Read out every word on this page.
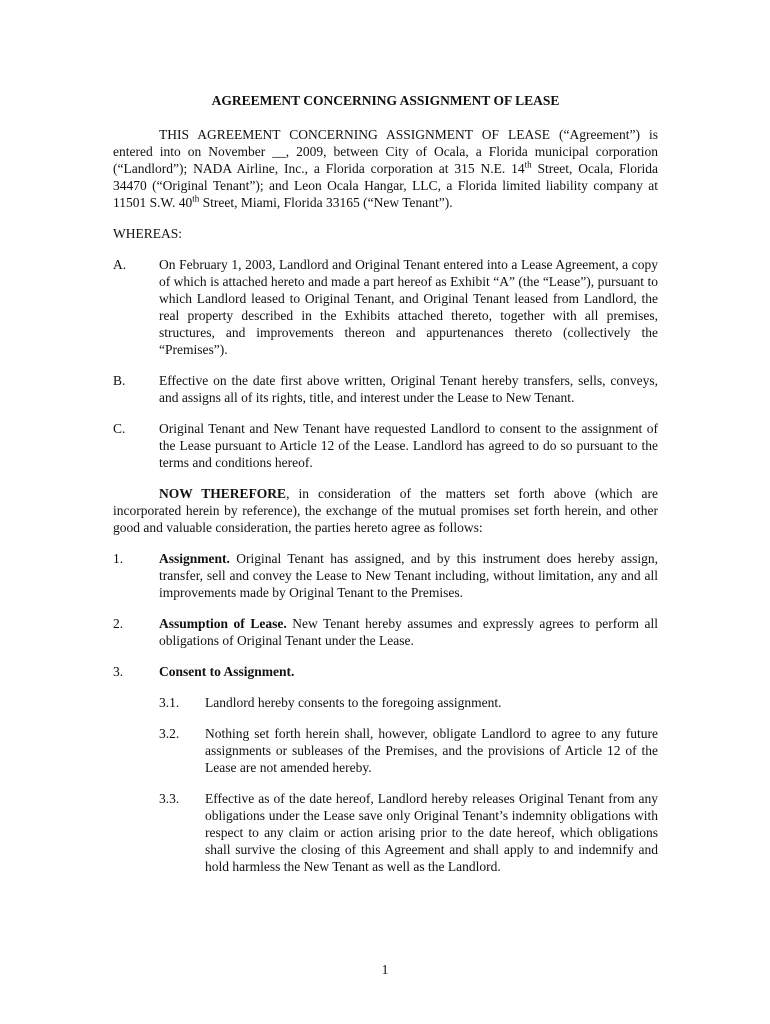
AGREEMENT CONCERNING ASSIGNMENT OF LEASE

THIS AGREEMENT CONCERNING ASSIGNMENT OF LEASE (“Agreement”) is entered into on November __, 2009, between City of Ocala, a Florida municipal corporation (“Landlord”); NADA Airline, Inc., a Florida corporation at 315 N.E. 14th Street, Ocala, Florida 34470 (“Original Tenant”); and Leon Ocala Hangar, LLC, a Florida limited liability company at 11501 S.W. 40th Street, Miami, Florida 33165 (“New Tenant”).

WHEREAS:

A.	On February 1, 2003, Landlord and Original Tenant entered into a Lease Agreement, a copy of which is attached hereto and made a part hereof as Exhibit “A” (the “Lease”), pursuant to which Landlord leased to Original Tenant, and Original Tenant leased from Landlord, the real property described in the Exhibits attached thereto, together with all premises, structures, and improvements thereon and appurtenances thereto (collectively the “Premises”).
B.	Effective on the date first above written, Original Tenant hereby transfers, sells, conveys, and assigns all of its rights, title, and interest under the Lease to New Tenant.
C.	Original Tenant and New Tenant have requested Landlord to consent to the assignment of the Lease pursuant to Article 12 of the Lease. Landlord has agreed to do so pursuant to the terms and conditions hereof.

NOW THEREFORE, in consideration of the matters set forth above (which are incorporated herein by reference), the exchange of the mutual promises set forth herein, and other good and valuable consideration, the parties hereto agree as follows:

1.	Assignment. Original Tenant has assigned, and by this instrument does hereby assign, transfer, sell and convey the Lease to New Tenant including, without limitation, any and all improvements made by Original Tenant to the Premises.
2.	Assumption of Lease. New Tenant hereby assumes and expressly agrees to perform all obligations of Original Tenant under the Lease.
3.	Consent to Assignment.
3.1.	Landlord hereby consents to the foregoing assignment.
3.2.	Nothing set forth herein shall, however, obligate Landlord to agree to any future assignments or subleases of the Premises, and the provisions of Article 12 of the Lease are not amended hereby.
3.3.	Effective as of the date hereof, Landlord hereby releases Original Tenant from any obligations under the Lease save only Original Tenant’s indemnity obligations with respect to any claim or action arising prior to the date hereof, which obligations shall survive the closing of this Agreement and shall apply to and indemnify and hold harmless the New Tenant as well as the Landlord.
1
